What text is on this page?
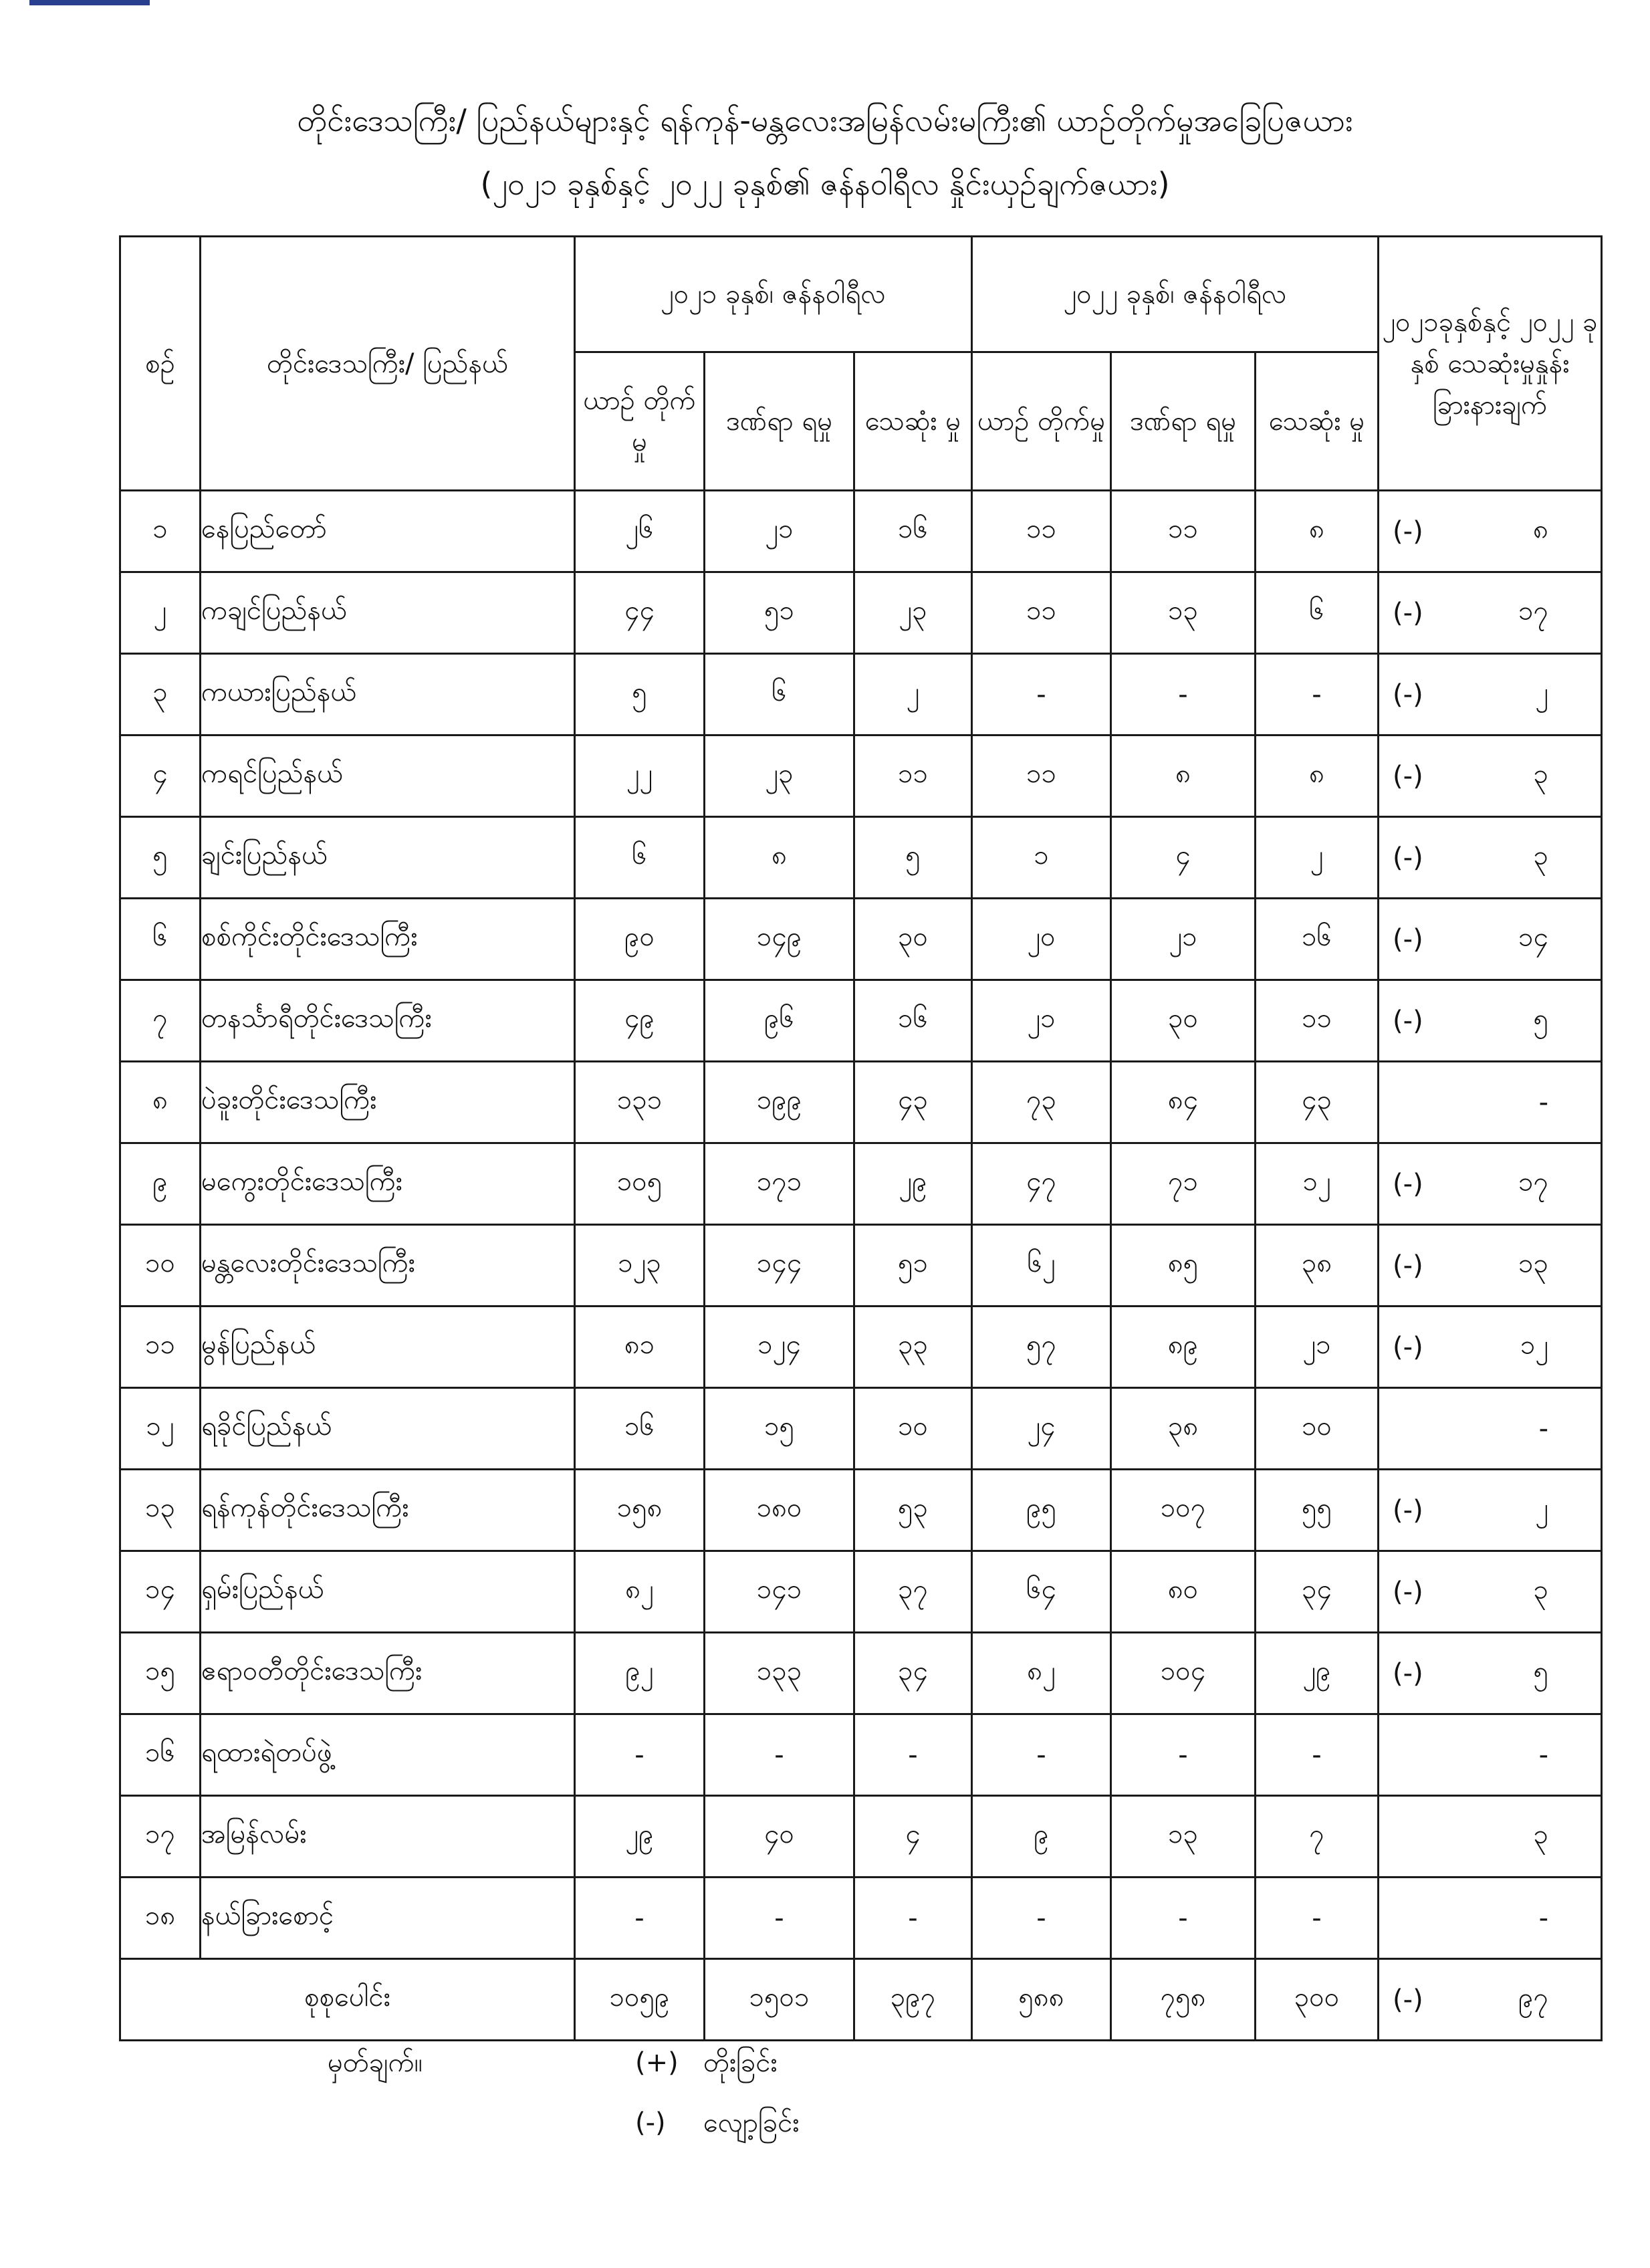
တိုင်းဒေသကြီး/ ပြည်နယ်များနှင့် ရန်ကုန်-မန္တလေးအမြန်လမ်းမကြီး၏ ယာဉ်တိုက်မှုအခြေပြဇယား
(၂၀၂၁ ခုနှစ်နှင့် ၂၀၂၂ ခုနှစ်၏ ဇန်နဝါရီလ နှိုင်းယှဉ်ချက်ဇယား)
စဉ်	တိုင်းဒေသကြီး/ ပြည်နယ်	၂၀၂၁ ခုနှစ်၊ ဇန်နဝါရီလ			၂၀၂၂ ခုနှစ်၊ ဇန်နဝါရီလ			၂၀၂၁ခုနှစ်နှင့် ၂၀၂၂ ခုနှစ် သေဆုံးမှုနှုန်း ခြားနားချက်
		ယာဉ် တိုက်မှု	ဒဏ်ရာ ရမှု	သေဆုံး မှု	ယာဉ် တိုက်မှု	ဒဏ်ရာ ရမှု	သေဆုံး မှု	
၁	နေပြည်တော်	၂၆	၂၁	၁၆	၁၁	၁၁	၈	(-) ၈

၂	ကချင်ပြည်နယ်	၄၄	၅၁	၂၃	၁၁	၁၃	၆	(-) ၁၇

၃	ကယားပြည်နယ်	၅	၆	၂	-	-	-	(-) ၂

၄	ကရင်ပြည်နယ်	၂၂	၂၃	၁၁	၁၁	၈	၈	(-) ၃

၅	ချင်းပြည်နယ်	၆	၈	၅	၁	၄	၂	(-) ၃

၆	စစ်ကိုင်းတိုင်းဒေသကြီး	၉၀	၁၄၉	၃၀	၂၀	၂၁	၁၆	(-) ၁၄

၇	တနင်္သာရီတိုင်းဒေသကြီး	၄၉	၉၆	၁၆	၂၁	၃၀	၁၁	(-) ၅

၈	ပဲခူးတိုင်းဒေသကြီး	၁၃၁	၁၉၉	၄၃	၇၃	၈၄	၄၃	-

၉	မကွေးတိုင်းဒေသကြီး	၁၀၅	၁၇၁	၂၉	၄၇	၇၁	၁၂	(-) ၁၇

၁၀	မန္တလေးတိုင်းဒေသကြီး	၁၂၃	၁၄၄	၅၁	၆၂	၈၅	၃၈	(-) ၁၃

၁၁	မွန်ပြည်နယ်	၈၁	၁၂၄	၃၃	၅၇	၈၉	၂၁	(-) ၁၂

၁၂	ရခိုင်ပြည်နယ်	၁၆	၁၅	၁၀	၂၄	၃၈	၁၀	-

၁၃	ရန်ကုန်တိုင်းဒေသကြီး	၁၅၈	၁၈၀	၅၃	၉၅	၁၀၇	၅၅	(-) ၂

၁၄	ရှမ်းပြည်နယ်	၈၂	၁၄၁	၃၇	၆၄	၈၀	၃၄	(-) ၃

၁၅	ဧရာဝတီတိုင်းဒေသကြီး	၉၂	၁၃၃	၃၄	၈၂	၁၀၄	၂၉	(-) ၅

၁၆	ရထားရဲတပ်ဖွဲ့	-	-	-	-	-	-	-

၁၇	အမြန်လမ်း	၂၉	၄၀	၄	၉	၁၃	၇	၃

၁၈	နယ်ခြားစောင့်	-	-	-	-	-	-	-

စုစုပေါင်း		၁၀၅၉	၁၅၀၁	၃၉၇	၅၈၈	၇၅၈	၃၀၀	(-) ၉၇
မှတ်ချက်။	(+) တိုးခြင်း
(-) လျော့ခြင်း
